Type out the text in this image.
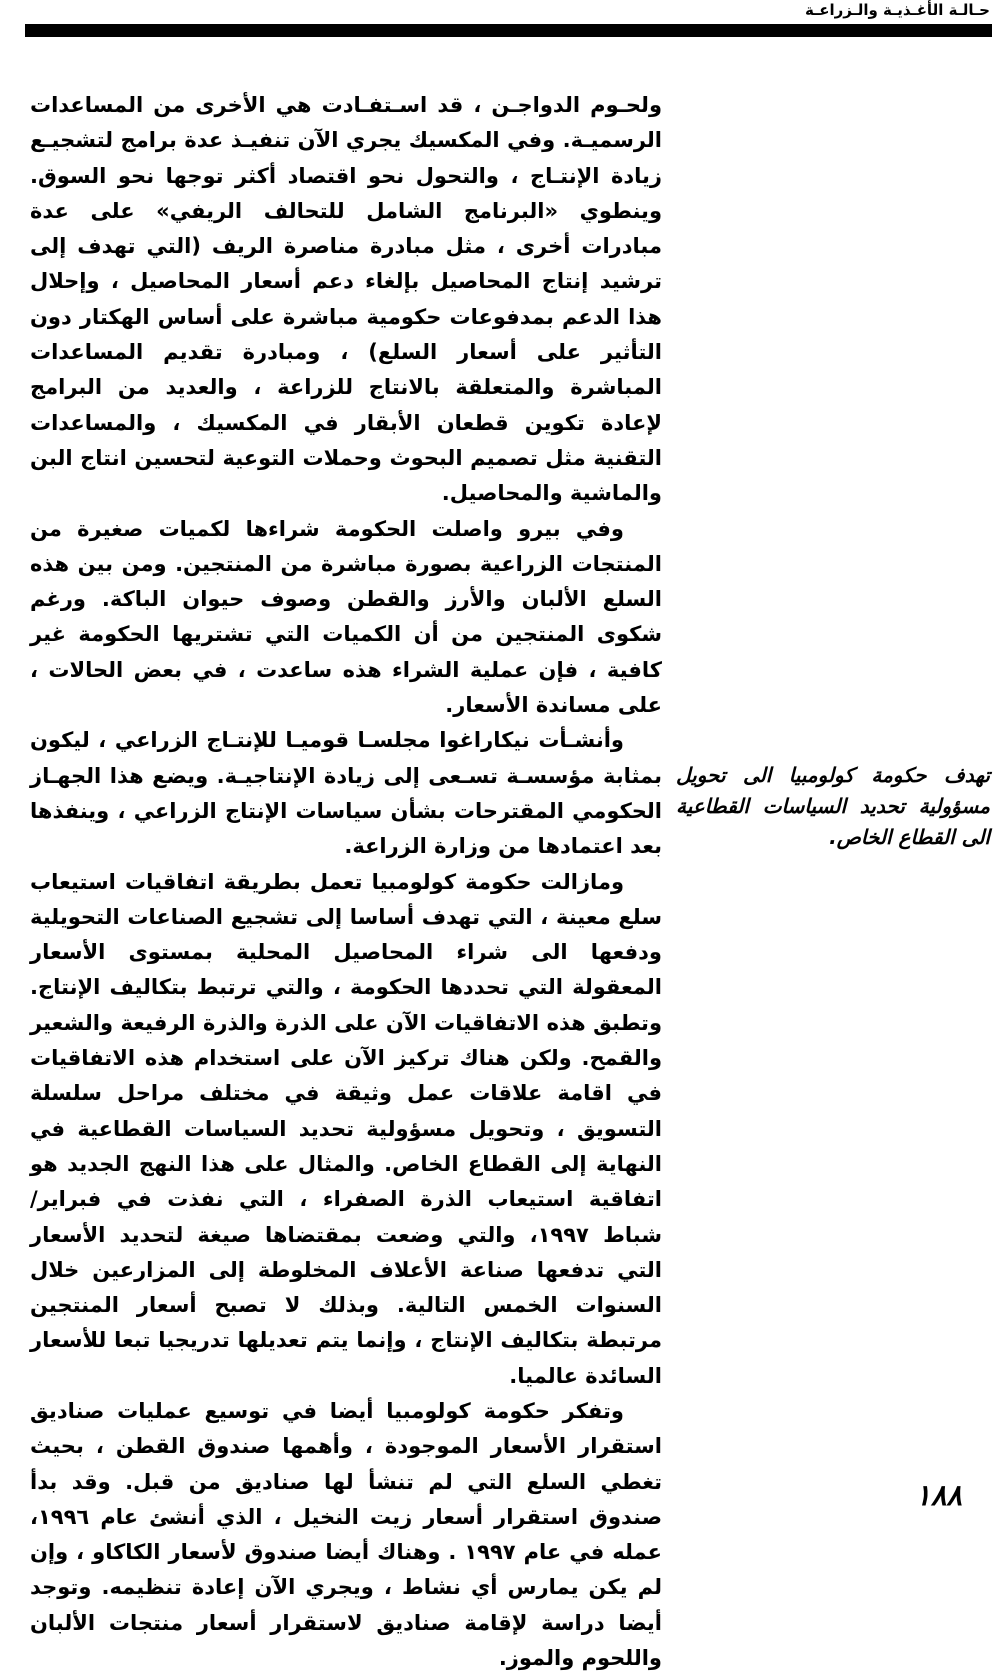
حـالـة الأغـذيـة والـزراعـة

تهدف حكومة كولومبيا الى تحويل مسؤولية تحديد السياسات القطاعية الى القطاع الخاص.

ولحـوم الدواجـن ، قد اسـتفـادت هي الأخرى من المساعدات الرسميـة. وفي المكسيك يجري الآن تنفيـذ عدة برامج لتشجيـع زيادة الإنتـاج ، والتحول نحو اقتصاد أكثر توجها نحو السوق. وينطوي «البرنامج الشامل للتحالف الريفي» على عدة مبادرات أخرى ، مثل مبادرة مناصرة الريف (التي تهدف إلى ترشيد إنتاج المحاصيل بإلغاء دعم أسعار المحاصيل ، وإحلال هذا الدعم بمدفوعات حكومية مباشرة على أساس الهكتار دون التأثير على أسعار السلع) ، ومبادرة تقديم المساعدات المباشرة والمتعلقة بالانتاج للزراعة ، والعديد من البرامج لإعادة تكوين قطعان الأبقار في المكسيك ، والمساعدات التقنية مثل تصميم البحوث وحملات التوعية لتحسين انتاج البن والماشية والمحاصيل.

وفي بيرو واصلت الحكومة شراءها لكميات صغيرة من المنتجات الزراعية بصورة مباشرة من المنتجين. ومن بين هذه السلع الألبان والأرز والقطن وصوف حيوان الباكة. ورغم شكوى المنتجين من أن الكميات التي تشتريها الحكومة غير كافية ، فإن عملية الشراء هذه ساعدت ، في بعض الحالات ، على مساندة الأسعار.

وأنشـأت نيكاراغوا مجلسـا قوميـا للإنتـاج الزراعي ، ليكون بمثابة مؤسسـة تسـعى إلى زيادة الإنتاجيـة. ويضع هذا الجهـاز الحكومي المقترحات بشأن سياسات الإنتاج الزراعي ، وينفذها بعد اعتمادها من وزارة الزراعة.

ومازالت حكومة كولومبيا تعمل بطريقة اتفاقيات استيعاب سلع معينة ، التي تهدف أساسا إلى تشجيع الصناعات التحويلية ودفعها الى شراء المحاصيل المحلية بمستوى الأسعار المعقولة التي تحددها الحكومة ، والتي ترتبط بتكاليف الإنتاج. وتطبق هذه الاتفاقيات الآن على الذرة والذرة الرفيعة والشعير والقمح. ولكن هناك تركيز الآن على استخدام هذه الاتفاقيات في اقامة علاقات عمل وثيقة في مختلف مراحل سلسلة التسويق ، وتحويل مسؤولية تحديد السياسات القطاعية في النهاية إلى القطاع الخاص. والمثال على هذا النهج الجديد هو اتفاقية استيعاب الذرة الصفراء ، التي نفذت في فبراير/ شباط ١٩٩٧، والتي وضعت بمقتضاها صيغة لتحديد الأسعار التي تدفعها صناعة الأعلاف المخلوطة إلى المزارعين خلال السنوات الخمس التالية. وبذلك لا تصبح أسعار المنتجين مرتبطة بتكاليف الإنتاج ، وإنما يتم تعديلها تدريجيا تبعا للأسعار السائدة عالميا.

وتفكر حكومة كولومبيا أيضا في توسيع عمليات صناديق استقرار الأسعار الموجودة ، وأهمها صندوق القطن ، بحيث تغطي السلع التي لم تنشأ لها صناديق من قبل. وقد بدأ صندوق استقرار أسعار زيت النخيل ، الذي أنشئ عام ١٩٩٦، عمله في عام ١٩٩٧ . وهناك أيضا صندوق لأسعار الكاكاو ، وإن لم يكن يمارس أي نشاط ، ويجري الآن إعادة تنظيمه. وتوجد أيضا دراسة لإقامة صناديق لاستقرار أسعار منتجات الألبان واللحوم والموز.

١٨٨
